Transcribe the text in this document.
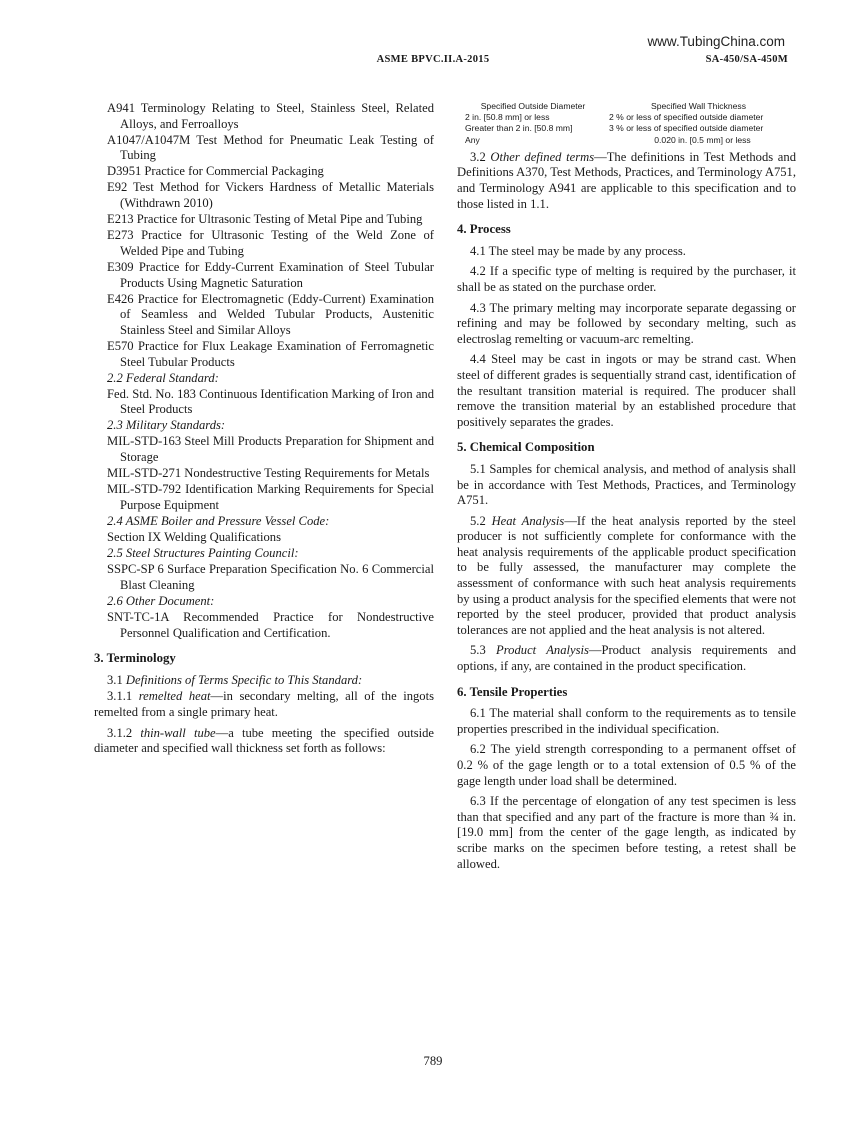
www.TubingChina.com
ASME BPVC.II.A-2015	SA-450/SA-450M
A941 Terminology Relating to Steel, Stainless Steel, Related Alloys, and Ferroalloys
A1047/A1047M Test Method for Pneumatic Leak Testing of Tubing
D3951 Practice for Commercial Packaging
E92 Test Method for Vickers Hardness of Metallic Materials (Withdrawn 2010)
E213 Practice for Ultrasonic Testing of Metal Pipe and Tubing
E273 Practice for Ultrasonic Testing of the Weld Zone of Welded Pipe and Tubing
E309 Practice for Eddy-Current Examination of Steel Tubular Products Using Magnetic Saturation
E426 Practice for Electromagnetic (Eddy-Current) Examination of Seamless and Welded Tubular Products, Austenitic Stainless Steel and Similar Alloys
E570 Practice for Flux Leakage Examination of Ferromagnetic Steel Tubular Products
2.2 Federal Standard:
Fed. Std. No. 183 Continuous Identification Marking of Iron and Steel Products
2.3 Military Standards:
MIL-STD-163 Steel Mill Products Preparation for Shipment and Storage
MIL-STD-271 Nondestructive Testing Requirements for Metals
MIL-STD-792 Identification Marking Requirements for Special Purpose Equipment
2.4 ASME Boiler and Pressure Vessel Code:
Section IX Welding Qualifications
2.5 Steel Structures Painting Council:
SSPC-SP 6 Surface Preparation Specification No. 6 Commercial Blast Cleaning
2.6 Other Document:
SNT-TC-1A Recommended Practice for Nondestructive Personnel Qualification and Certification.
3. Terminology
3.1 Definitions of Terms Specific to This Standard:
3.1.1 remelted heat—in secondary melting, all of the ingots remelted from a single primary heat.
3.1.2 thin-wall tube—a tube meeting the specified outside diameter and specified wall thickness set forth as follows:
Specified Outside Diameter	Specified Wall Thickness
2 in. [50.8 mm] or less	2 % or less of specified outside diameter
Greater than 2 in. [50.8 mm]	3 % or less of specified outside diameter
Any	0.020 in. [0.5 mm] or less
3.2 Other defined terms—The definitions in Test Methods and Definitions A370, Test Methods, Practices, and Terminology A751, and Terminology A941 are applicable to this specification and to those listed in 1.1.
4. Process
4.1 The steel may be made by any process.
4.2 If a specific type of melting is required by the purchaser, it shall be as stated on the purchase order.
4.3 The primary melting may incorporate separate degassing or refining and may be followed by secondary melting, such as electroslag remelting or vacuum-arc remelting.
4.4 Steel may be cast in ingots or may be strand cast. When steel of different grades is sequentially strand cast, identification of the resultant transition material is required. The producer shall remove the transition material by an established procedure that positively separates the grades.
5. Chemical Composition
5.1 Samples for chemical analysis, and method of analysis shall be in accordance with Test Methods, Practices, and Terminology A751.
5.2 Heat Analysis—If the heat analysis reported by the steel producer is not sufficiently complete for conformance with the heat analysis requirements of the applicable product specification to be fully assessed, the manufacturer may complete the assessment of conformance with such heat analysis requirements by using a product analysis for the specified elements that were not reported by the steel producer, provided that product analysis tolerances are not applied and the heat analysis is not altered.
5.3 Product Analysis—Product analysis requirements and options, if any, are contained in the product specification.
6. Tensile Properties
6.1 The material shall conform to the requirements as to tensile properties prescribed in the individual specification.
6.2 The yield strength corresponding to a permanent offset of 0.2 % of the gage length or to a total extension of 0.5 % of the gage length under load shall be determined.
6.3 If the percentage of elongation of any test specimen is less than that specified and any part of the fracture is more than ¾ in. [19.0 mm] from the center of the gage length, as indicated by scribe marks on the specimen before testing, a retest shall be allowed.
789
